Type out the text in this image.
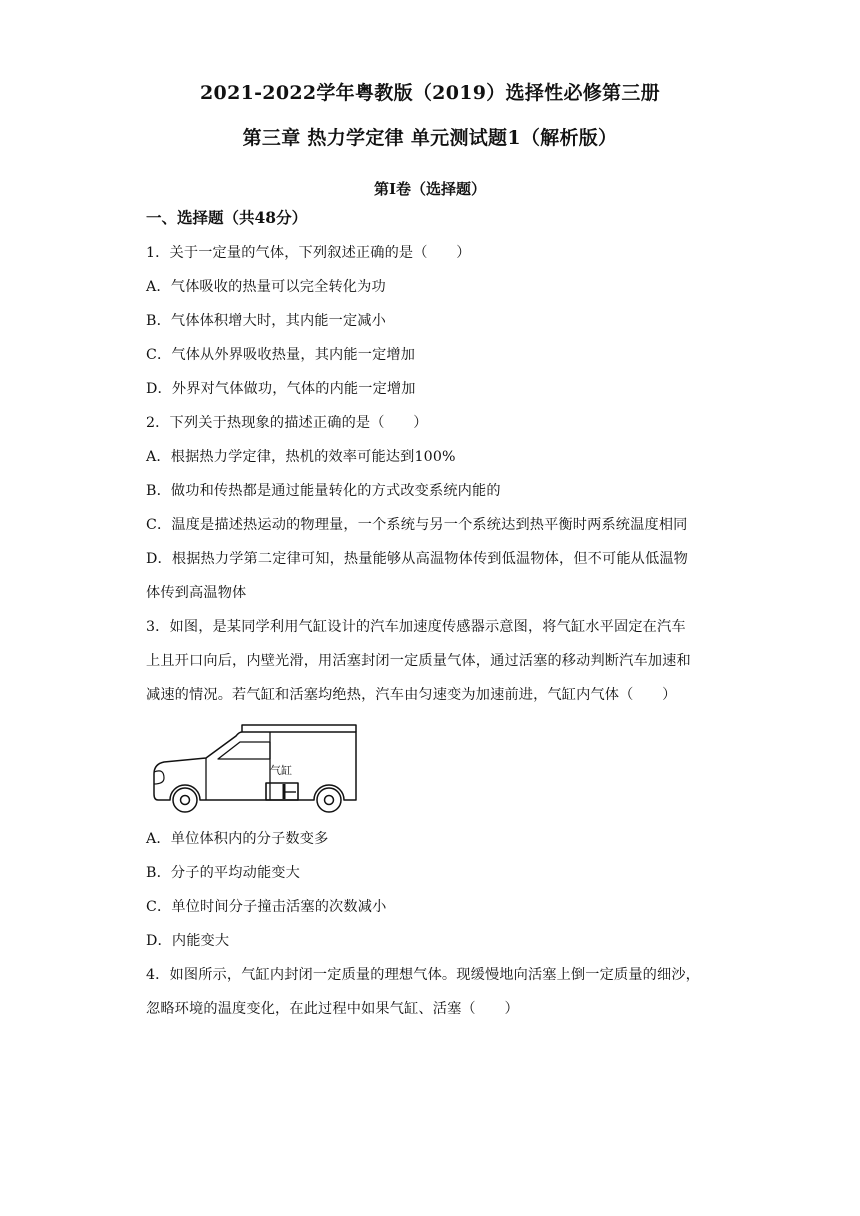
2021-2022学年粤教版（2019）选择性必修第三册
第三章 热力学定律 单元测试题1（解析版）
第Ⅰ卷（选择题）
一、选择题（共48分）
1．关于一定量的气体，下列叙述正确的是（　　）
A．气体吸收的热量可以完全转化为功
B．气体体积增大时，其内能一定减小
C．气体从外界吸收热量，其内能一定增加
D．外界对气体做功，气体的内能一定增加
2．下列关于热现象的描述正确的是（　　）
A．根据热力学定律，热机的效率可能达到100%
B．做功和传热都是通过能量转化的方式改变系统内能的
C．温度是描述热运动的物理量，一个系统与另一个系统达到热平衡时两系统温度相同
D．根据热力学第二定律可知，热量能够从高温物体传到低温物体，但不可能从低温物
体传到高温物体
3．如图，是某同学利用气缸设计的汽车加速度传感器示意图，将气缸水平固定在汽车
上且开口向后，内壁光滑，用活塞封闭一定质量气体，通过活塞的移动判断汽车加速和
减速的情况。若气缸和活塞均绝热，汽车由匀速变为加速前进，气缸内气体（　　）
气缸
A．单位体积内的分子数变多
B．分子的平均动能变大
C．单位时间分子撞击活塞的次数减小
D．内能变大
4．如图所示，气缸内封闭一定质量的理想气体。现缓慢地向活塞上倒一定质量的细沙，
忽略环境的温度变化，在此过程中如果气缸、活塞（　　）
